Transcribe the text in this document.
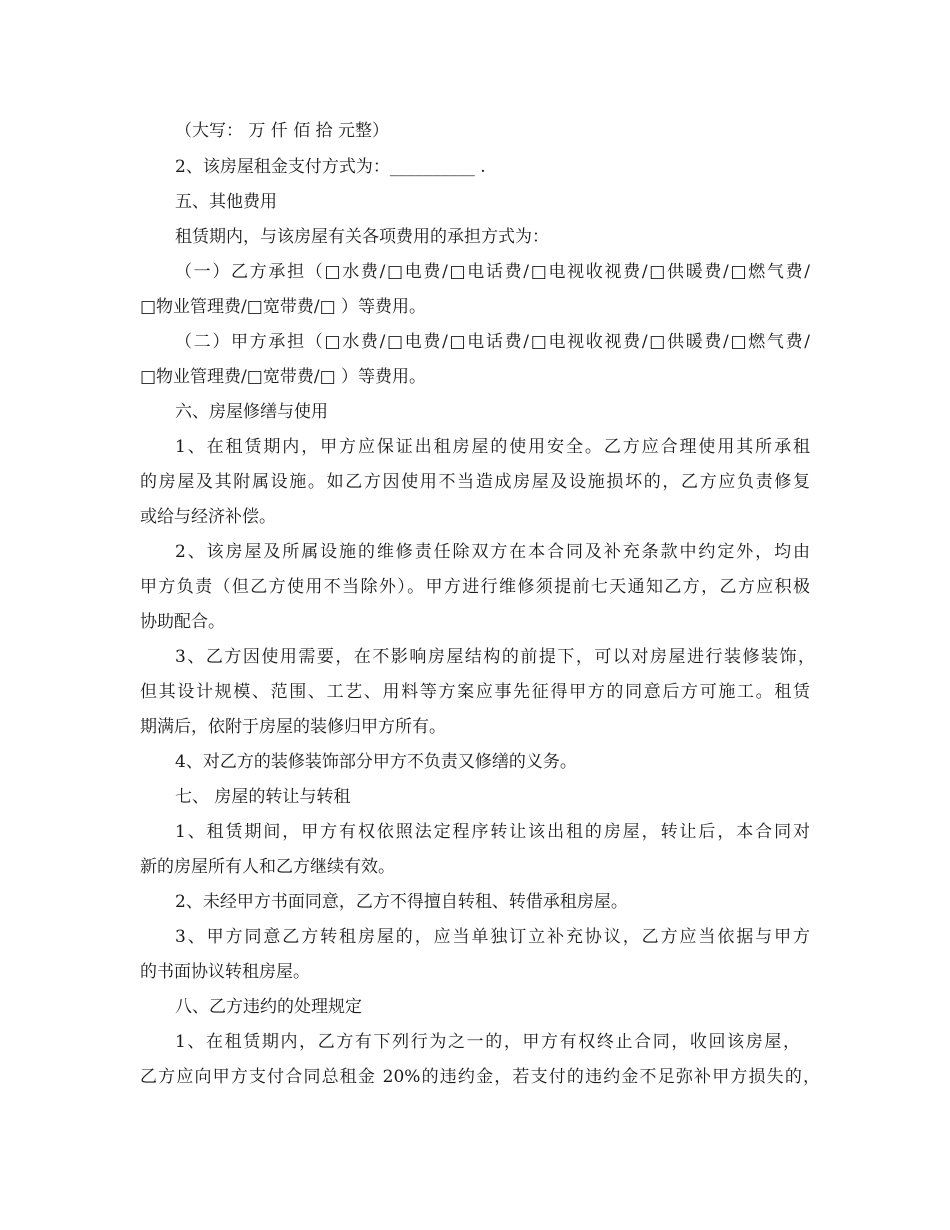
（大写： 万 仟 佰 拾 元整）
2、该房屋租金支付方式为：__________ .
五、其他费用
租赁期内，与该房屋有关各项费用的承担方式为：
（一）乙方承担（□水费/□电费/□电话费/□电视收视费/□供暖费/□燃气费/
□物业管理费/□宽带费/□ ）等费用。
（二）甲方承担（□水费/□电费/□电话费/□电视收视费/□供暖费/□燃气费/
□物业管理费/□宽带费/□ ）等费用。
六、房屋修缮与使用
1、在租赁期内，甲方应保证出租房屋的使用安全。乙方应合理使用其所承租
的房屋及其附属设施。如乙方因使用不当造成房屋及设施损坏的，乙方应负责修复
或给与经济补偿。
2、该房屋及所属设施的维修责任除双方在本合同及补充条款中约定外，均由
甲方负责（但乙方使用不当除外）。甲方进行维修须提前七天通知乙方，乙方应积极
协助配合。
3、乙方因使用需要，在不影响房屋结构的前提下，可以对房屋进行装修装饰，
但其设计规模、范围、工艺、用料等方案应事先征得甲方的同意后方可施工。租赁
期满后，依附于房屋的装修归甲方所有。
4、对乙方的装修装饰部分甲方不负责又修缮的义务。
七、 房屋的转让与转租
1、租赁期间，甲方有权依照法定程序转让该出租的房屋，转让后，本合同对
新的房屋所有人和乙方继续有效。
2、未经甲方书面同意，乙方不得擅自转租、转借承租房屋。
3、甲方同意乙方转租房屋的，应当单独订立补充协议，乙方应当依据与甲方
的书面协议转租房屋。
八、乙方违约的处理规定
1、在租赁期内，乙方有下列行为之一的，甲方有权终止合同，收回该房屋，
乙方应向甲方支付合同总租金 20%的违约金，若支付的违约金不足弥补甲方损失的，
